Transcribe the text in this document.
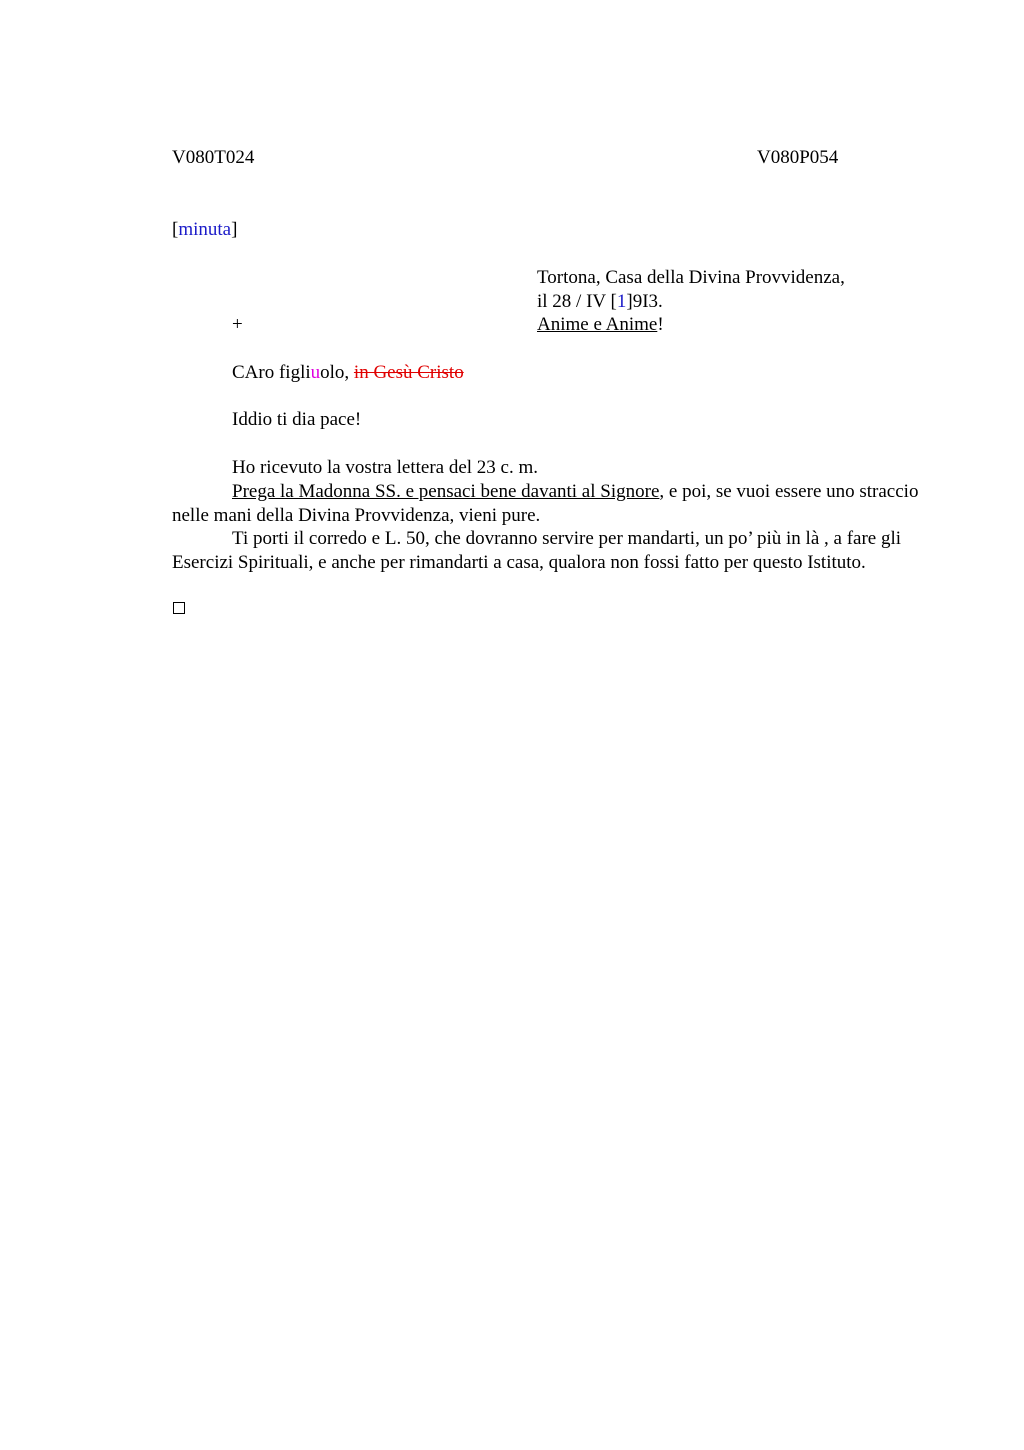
V080T024	V080P054
[minuta]
Tortona, Casa della Divina Provvidenza,
il 28 / IV [1]9I3.
Anime e Anime!
+
CAro figliuolo, in Gesù Cristo
Iddio ti dia pace!
Ho ricevuto la vostra lettera del 23 c. m.
Prega la Madonna SS. e pensaci bene davanti al Signore, e poi, se vuoi essere uno straccio nelle mani della Divina Provvidenza, vieni pure.
Ti porti il corredo e L. 50, che dovranno servire per mandarti, un po’ più in là , a fare gli Esercizi Spirituali, e anche per rimandarti a casa, qualora non fossi fatto per questo Istituto.
